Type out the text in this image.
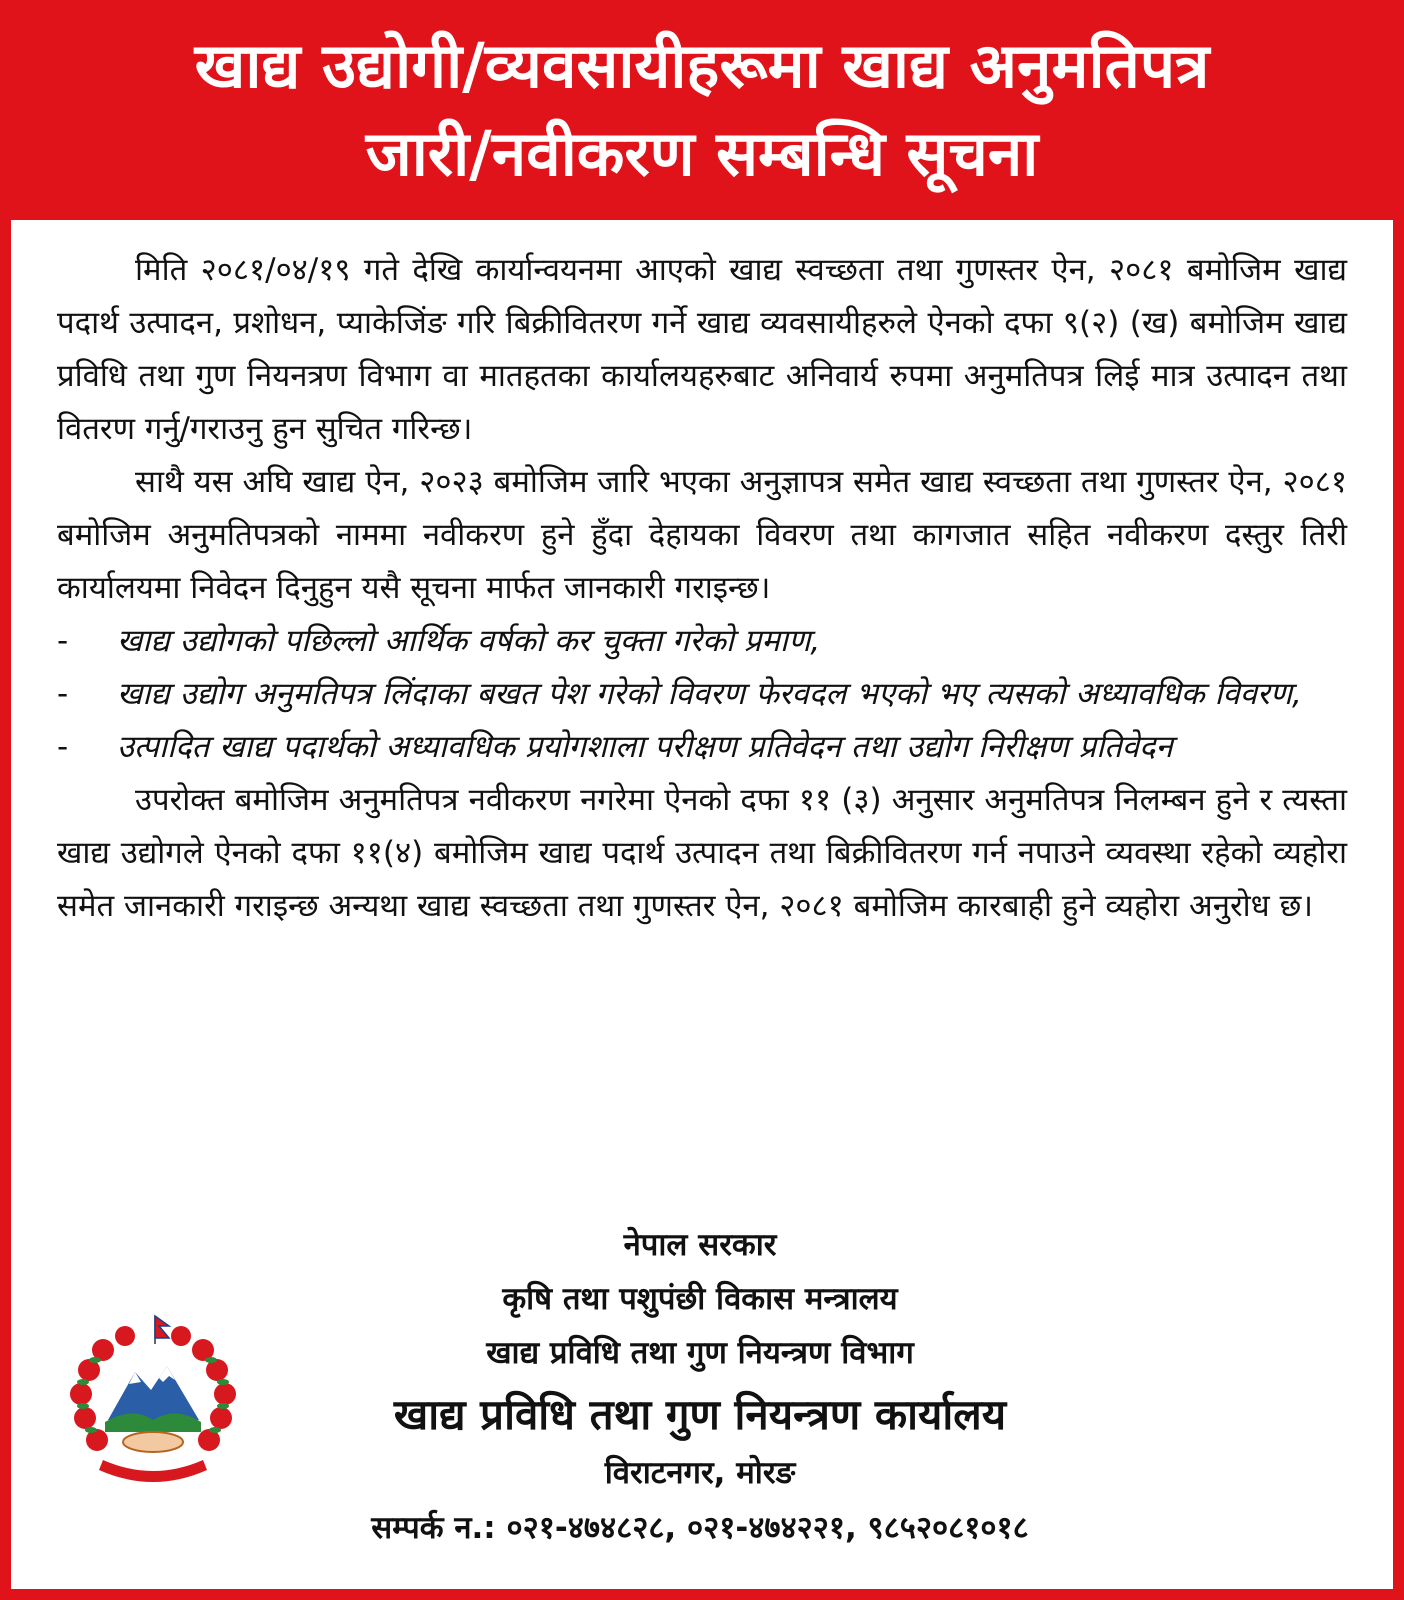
खाद्य उद्योगी/व्यवसायीहरूमा खाद्य अनुमतिपत्र
जारी/नवीकरण सम्बन्धि सूचना

मिति २०८१/०४/१९ गते देखि कार्यान्वयनमा आएको खाद्य स्वच्छता तथा गुणस्तर ऐन, २०८१ बमोजिम खाद्य पदार्थ उत्पादन, प्रशोधन, प्याकेजिंङ गरि बिक्रीवितरण गर्ने खाद्य व्यवसायीहरुले ऐनको दफा ९(२) (ख) बमोजिम खाद्य प्रविधि तथा गुण नियनत्रण विभाग वा मातहतका कार्यालयहरुबाट अनिवार्य रुपमा अनुमतिपत्र लिई मात्र उत्पादन तथा वितरण गर्नु/गराउनु हुन सुचित गरिन्छ।

साथै यस अघि खाद्य ऐन, २०२३ बमोजिम जारि भएका अनुज्ञापत्र समेत खाद्य स्वच्छता तथा गुणस्तर ऐन, २०८१ बमोजिम अनुमतिपत्रको नाममा नवीकरण हुने हुँदा देहायका विवरण तथा कागजात सहित नवीकरण दस्तुर तिरी कार्यालयमा निवेदन दिनुहुन यसै सूचना मार्फत जानकारी गराइन्छ।

- खाद्य उद्योगको पछिल्लो आर्थिक वर्षको कर चुक्ता गरेको प्रमाण,
- खाद्य उद्योग अनुमतिपत्र लिंदाका बखत पेश गरेको विवरण फेरवदल भएको भए त्यसको अध्यावधिक विवरण,
- उत्पादित खाद्य पदार्थको अध्यावधिक प्रयोगशाला परीक्षण प्रतिवेदन तथा उद्योग निरीक्षण प्रतिवेदन

उपरोक्त बमोजिम अनुमतिपत्र नवीकरण नगरेमा ऐनको दफा ११ (३) अनुसार अनुमतिपत्र निलम्बन हुने र त्यस्ता खाद्य उद्योगले ऐनको दफा ११(४) बमोजिम खाद्य पदार्थ उत्पादन तथा बिक्रीवितरण गर्न नपाउने व्यवस्था रहेको व्यहोरा समेत जानकारी गराइन्छ अन्यथा खाद्य स्वच्छता तथा गुणस्तर ऐन, २०८१ बमोजिम कारबाही हुने व्यहोरा अनुरोध छ।

नेपाल सरकार
कृषि तथा पशुपंछी विकास मन्त्रालय
खाद्य प्रविधि तथा गुण नियन्त्रण विभाग
खाद्य प्रविधि तथा गुण नियन्त्रण कार्यालय
विराटनगर, मोरङ
सम्पर्क न.: ०२१-४७४८२८, ०२१-४७४२२१, ९८५२०८१०१८
